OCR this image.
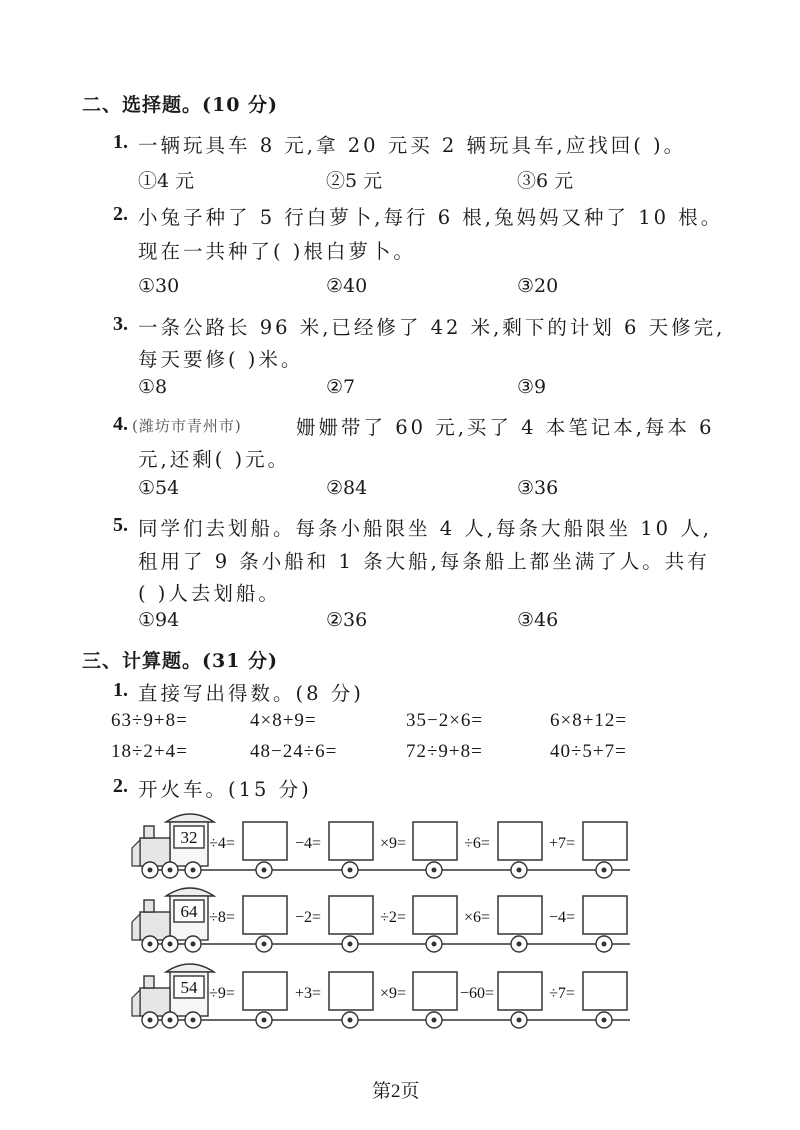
二、选择题。(10 分)
1. 一辆玩具车 8 元,拿 20 元买 2 辆玩具车,应找回( )。
①4 元	②5 元	③6 元
2. 小兔子种了 5 行白萝卜,每行 6 根,兔妈妈又种了 10 根。
现在一共种了( )根白萝卜。
①30	②40	③20
3. 一条公路长 96 米,已经修了 42 米,剩下的计划 6 天修完,
每天要修( )米。
①8	②7	③9
4. (潍坊市青州市)	姗姗带了 60 元,买了 4 本笔记本,每本 6
元,还剩( )元。
①54	②84	③36
5. 同学们去划船。每条小船限坐 4 人,每条大船限坐 10 人,
租用了 9 条小船和 1 条大船,每条船上都坐满了人。共有
( )人去划船。
①94	②36	③46
三、计算题。(31 分)
1. 直接写出得数。(8 分)
63÷9+8=	4×8+9=	35−2×6=	6×8+12=
18÷2+4=	48−24÷6=	72÷9+8=	40÷5+7=
2. 开火车。(15 分)
32 ÷4=	−4=	×9=	÷6=	+7=
64 ÷8=	−2=	÷2=	×6=	−4=
54 ÷9=	+3=	×9=	−60=	÷7=
第2页
